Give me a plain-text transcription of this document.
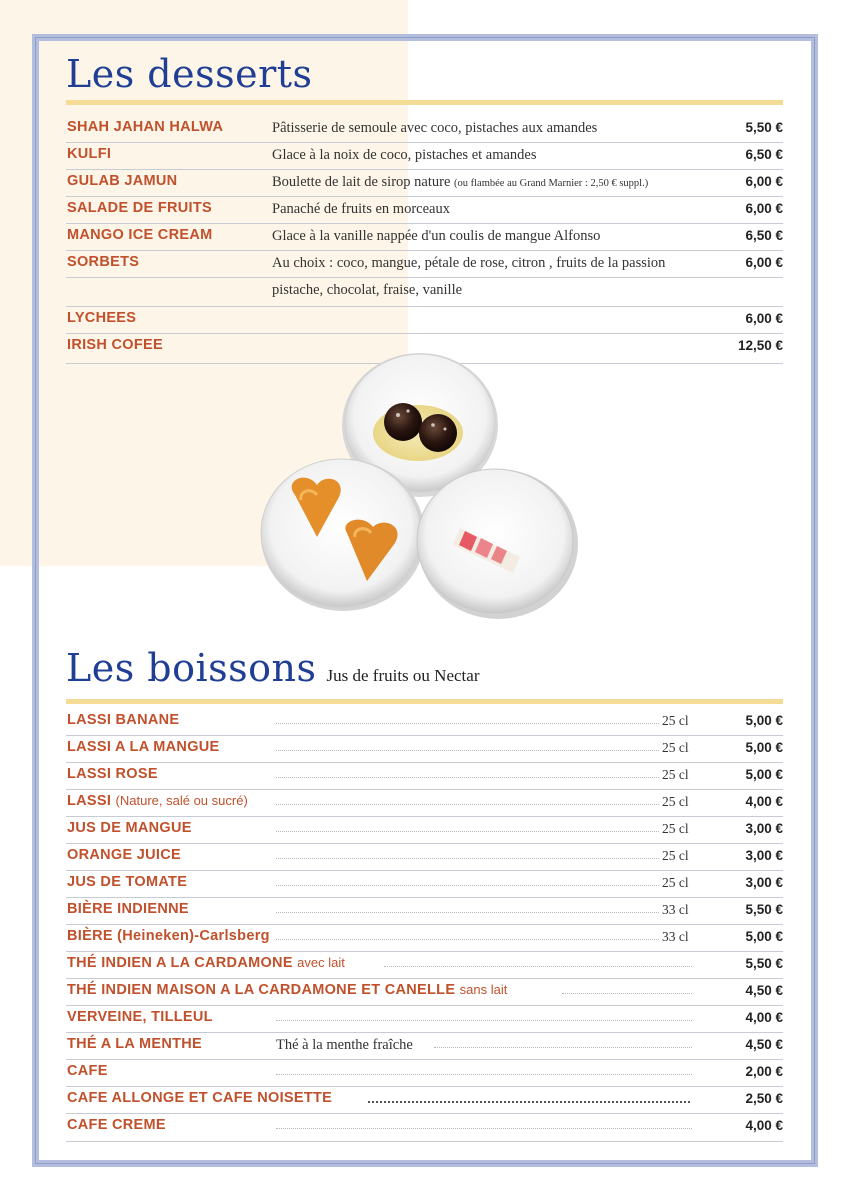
Les desserts
SHAH JAHAN HALWA	Pâtisserie de semoule avec coco, pistaches aux amandes	5,50 €
KULFI	Glace à la noix de coco, pistaches et amandes	6,50 €
GULAB JAMUN	Boulette de lait de sirop nature (ou flambée au Grand Marnier : 2,50 € suppl.)	6,00 €
SALADE DE FRUITS	Panaché de fruits en morceaux	6,00 €
MANGO ICE CREAM	Glace à la vanille nappée d'un coulis de mangue Alfonso	6,50 €
SORBETS	Au choix : coco, mangue, pétale de rose, citron , fruits de la passion	6,00 €
pistache, chocolat, fraise, vanille
LYCHEES	6,00 €
IRISH COFEE	12,50 €
Les boissons Jus de fruits ou Nectar
LASSI BANANE	25 cl	5,00 €
LASSI A LA MANGUE	25 cl	5,00 €
LASSI ROSE	25 cl	5,00 €
LASSI (Nature, salé ou sucré)	25 cl	4,00 €
JUS DE MANGUE	25 cl	3,00 €
ORANGE JUICE	25 cl	3,00 €
JUS DE TOMATE	25 cl	3,00 €
BIÈRE INDIENNE	33 cl	5,50 €
BIÈRE (Heineken)-Carlsberg	33 cl	5,00 €
THÉ INDIEN A LA CARDAMONE avec lait	5,50 €
THÉ INDIEN MAISON A LA CARDAMONE ET CANELLE sans lait	4,50 €
VERVEINE, TILLEUL	4,00 €
THÉ A LA MENTHE	Thé à la menthe fraîche	4,50 €
CAFE	2,00 €
CAFE ALLONGE ET CAFE NOISETTE	2,50 €
CAFE CREME	4,00 €
